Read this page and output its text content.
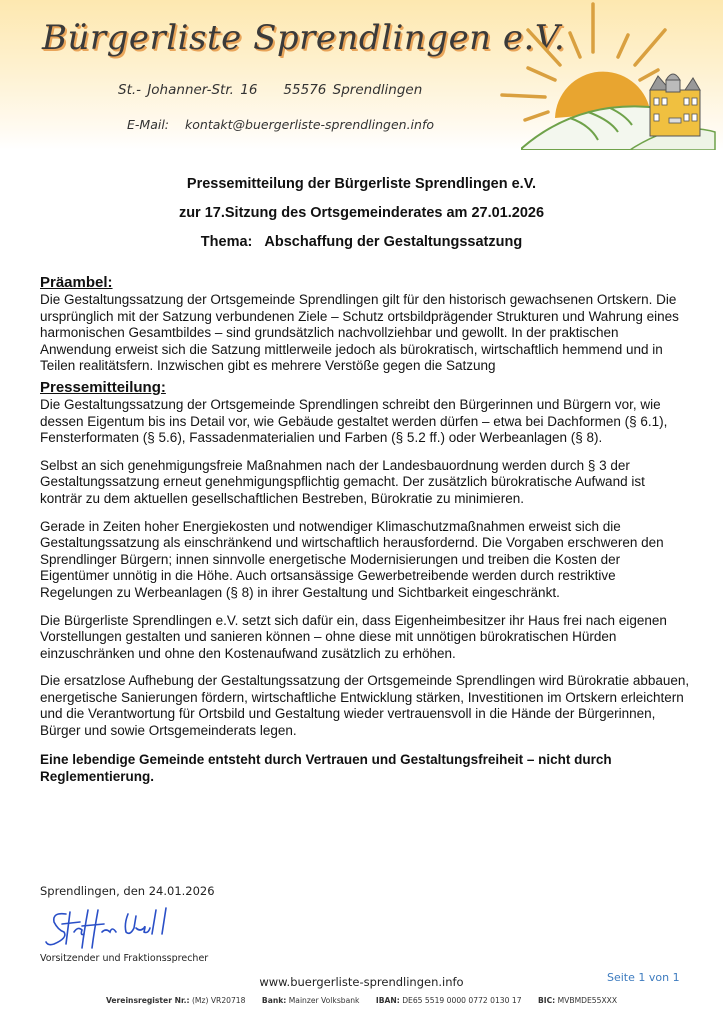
Bürgerliste Sprendlingen e.V.
St.- Johanner-Str. 16 55576 Sprendlingen
E-Mail: kontakt@buergerliste-sprendlingen.info
Pressemitteilung der Bürgerliste Sprendlingen e.V.
zur 17.Sitzung des Ortsgemeinderates am 27.01.2026
Thema: Abschaffung der Gestaltungssatzung
Präambel:

Die Gestaltungssatzung der Ortsgemeinde Sprendlingen gilt für den historisch gewachsenen Ortskern. Die ursprünglich mit der Satzung verbundenen Ziele – Schutz ortsbildprägender Strukturen und Wahrung eines harmonischen Gesamtbildes – sind grundsätzlich nachvollziehbar und gewollt. In der praktischen Anwendung erweist sich die Satzung mittlerweile jedoch als bürokratisch, wirtschaftlich hemmend und in Teilen realitätsfern. Inzwischen gibt es mehrere Verstöße gegen die Satzung

Pressemitteilung:

Die Gestaltungssatzung der Ortsgemeinde Sprendlingen schreibt den Bürgerinnen und Bürgern vor, wie dessen Eigentum bis ins Detail vor, wie Gebäude gestaltet werden dürfen – etwa bei Dachformen (§ 6.1), Fensterformaten (§ 5.6), Fassadenmaterialien und Farben (§ 5.2 ff.) oder Werbeanlagen (§ 8).

Selbst an sich genehmigungsfreie Maßnahmen nach der Landesbauordnung werden durch § 3 der Gestaltungssatzung erneut genehmigungspflichtig gemacht. Der zusätzlich bürokratische Aufwand ist konträr zu dem aktuellen gesellschaftlichen Bestreben, Bürokratie zu minimieren.

Gerade in Zeiten hoher Energiekosten und notwendiger Klimaschutzmaßnahmen erweist sich die Gestaltungssatzung als einschränkend und wirtschaftlich herausfordernd. Die Vorgaben erschweren den Sprendlinger Bürgern; innen sinnvolle energetische Modernisierungen und treiben die Kosten der Eigentümer unnötig in die Höhe. Auch ortsansässige Gewerbetreibende werden durch restriktive Regelungen zu Werbeanlagen (§ 8) in ihrer Gestaltung und Sichtbarkeit eingeschränkt.

Die Bürgerliste Sprendlingen e.V. setzt sich dafür ein, dass Eigenheimbesitzer ihr Haus frei nach eigenen Vorstellungen gestalten und sanieren können – ohne diese mit unnötigen bürokratischen Hürden einzuschränken und ohne den Kostenaufwand zusätzlich zu erhöhen.

Die ersatzlose Aufhebung der Gestaltungssatzung der Ortsgemeinde Sprendlingen wird Bürokratie abbauen, energetische Sanierungen fördern, wirtschaftliche Entwicklung stärken, Investitionen im Ortskern erleichtern und die Verantwortung für Ortsbild und Gestaltung wieder vertrauensvoll in die Hände der Bürgerinnen, Bürger und sowie Ortsgemeinderats legen.

Eine lebendige Gemeinde entsteht durch Vertrauen und Gestaltungsfreiheit – nicht durch Reglementierung.

Sprendlingen, den 24.01.2026
Vorsitzender und Fraktionssprecher
www.buergerliste-sprendlingen.info	Seite 1 von 1
Vereinsregister Nr.: (Mz) VR20718 Bank: Mainzer Volksbank IBAN: DE65 5519 0000 0772 0130 17 BIC: MVBMDE55XXX
